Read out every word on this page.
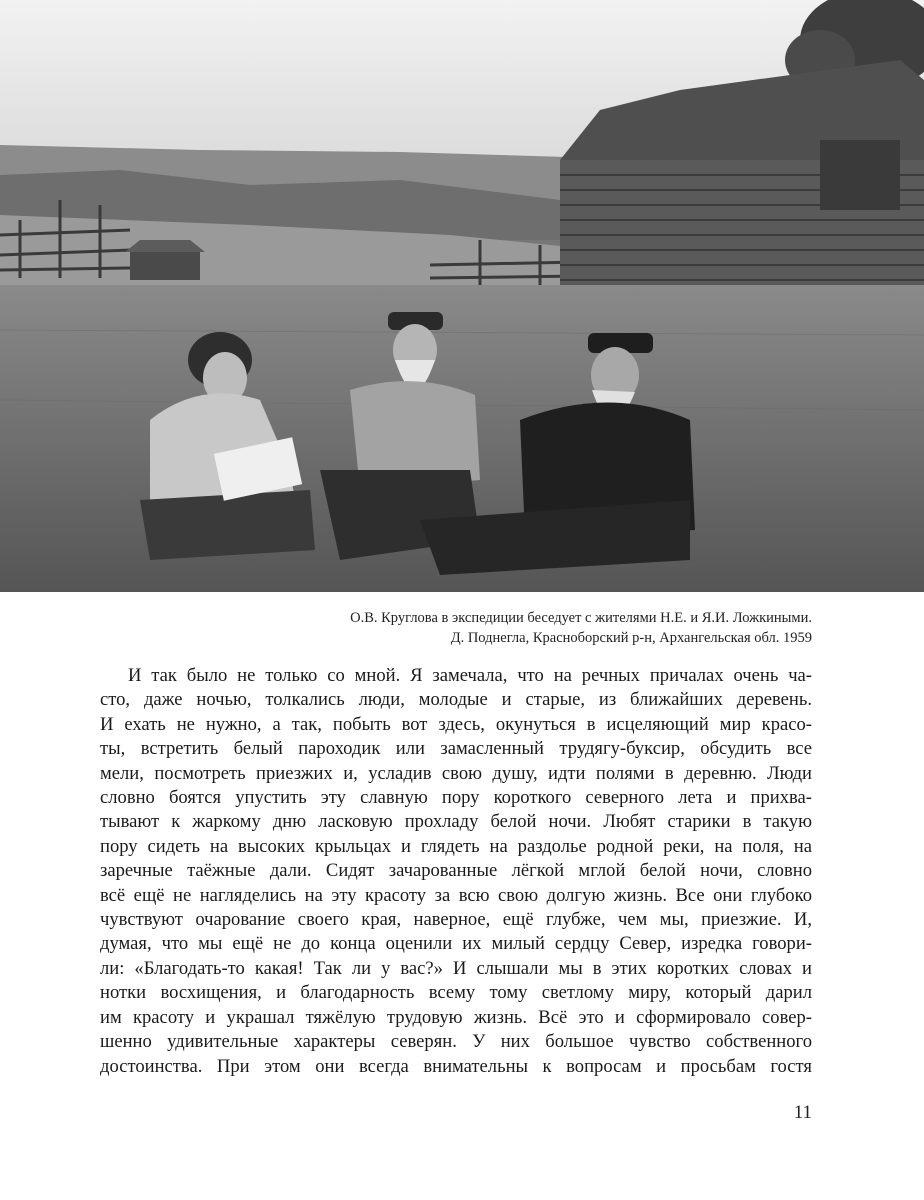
О.В. Круглова в экспедиции беседует с жителями Н.Е. и Я.И. Ложкиными.
Д. Поднегла, Красноборский р-н, Архангельская обл. 1959
И так было не только со мной. Я замечала, что на речных причалах очень ча-
сто, даже ночью, толкались люди, молодые и старые, из ближайших деревень.
И ехать не нужно, а так, побыть вот здесь, окунуться в исцеляющий мир красо-
ты, встретить белый пароходик или замасленный трудягу-буксир, обсудить все
мели, посмотреть приезжих и, усладив свою душу, идти полями в деревню. Люди
словно боятся упустить эту славную пору короткого северного лета и прихва-
тывают к жаркому дню ласковую прохладу белой ночи. Любят старики в такую
пору сидеть на высоких крыльцах и глядеть на раздолье родной реки, на поля, на
заречные таёжные дали. Сидят зачарованные лёгкой мглой белой ночи, словно
всё ещё не нагляделись на эту красоту за всю свою долгую жизнь. Все они глубоко
чувствуют очарование своего края, наверное, ещё глубже, чем мы, приезжие. И,
думая, что мы ещё не до конца оценили их милый сердцу Север, изредка говори-
ли: «Благодать-то какая! Так ли у вас?» И слышали мы в этих коротких словах и
нотки восхищения, и благодарность всему тому светлому миру, который дарил
им красоту и украшал тяжёлую трудовую жизнь. Всё это и сформировало совер-
шенно удивительные характеры северян. У них большое чувство собственного
достоинства. При этом они всегда внимательны к вопросам и просьбам гостя
11
